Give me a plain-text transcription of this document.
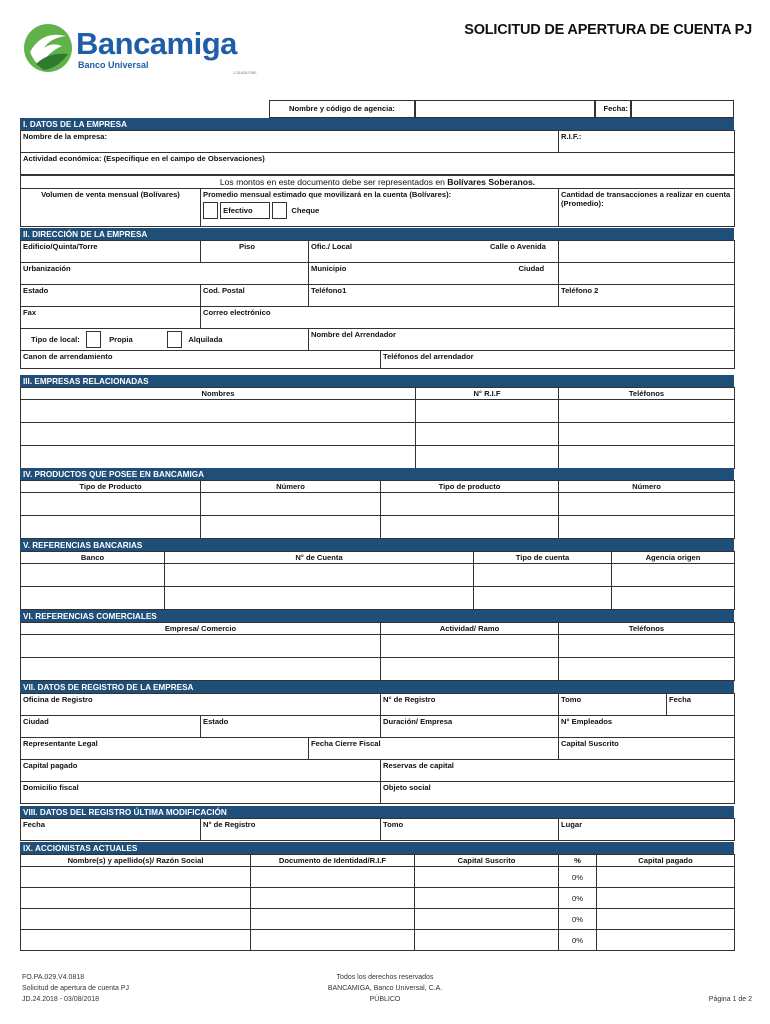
Bancamiga
Banco Universal
J-316287390
SOLICITUD DE APERTURA DE CUENTA PJ
Nombre y código de agencia:	Fecha:
I. DATOS DE LA EMPRESA
Nombre de la empresa:	R.I.F.:
Actividad económica: (Especifique en el campo de Observaciones)
Los montos en este documento debe ser representados en Bolívares Soberanos.
Volumen de venta mensual (Bolívares)	Promedio mensual estimado que movilizará en la cuenta (Bolívares):
Efectivo	Cheque
	Cantidad de transacciones a realizar en cuenta (Promedio):
II. DIRECCIÓN DE LA EMPRESA
Edificio/Quinta/Torre	Piso	Ofic./ Local Calle o Avenida		
Urbanización		Municipio Ciudad		
Estado	Cod. Postal	Teléfono1		Teléfono 2
Fax	Correo electrónico			
Tipo de local: Propia Alquilada		Nombre del Arrendador		
Canon de arrendamiento			Teléfonos del arrendador	
III. EMPRESAS RELACIONADAS
Nombres	N° R.I.F	Teléfonos

IV. PRODUCTOS QUE POSEE EN BANCAMIGA
Tipo de Producto	Número	Tipo de producto	Número

V. REFERENCIAS BANCARIAS
Banco	N° de Cuenta	Tipo de cuenta	Agencia origen

VI. REFERENCIAS COMERCIALES
Empresa/ Comercio	Actividad/ Ramo	Teléfonos

VII. DATOS DE REGISTRO DE LA EMPRESA
Oficina de Registro			N° de Registro	Tomo	Fecha
Ciudad	Estado		Duración/ Empresa	N° Empleados	
Representante Legal		Fecha Cierre Fiscal		Capital Suscrito	
Capital pagado			Reservas de capital		
Domicilio fiscal			Objeto social		
VIII. DATOS DEL REGISTRO ÚLTIMA MODIFICACIÓN
Fecha	N° de Registro	Tomo	Lugar
IX. ACCIONISTAS ACTUALES
Nombre(s) y apellido(s)/ Razón Social	Documento de Identidad/R.I.F	Capital Suscrito	%	Capital pagado
			0%	
			0%	
			0%	
			0%	
FO.PA.029.V4.0818
Solicitud de apertura de cuenta PJ
JD.24.2018 - 03/08/2018
Todos los derechos reservados
BANCAMIGA, Banco Universal, C.A.
PÚBLICO	Página 1 de 2
